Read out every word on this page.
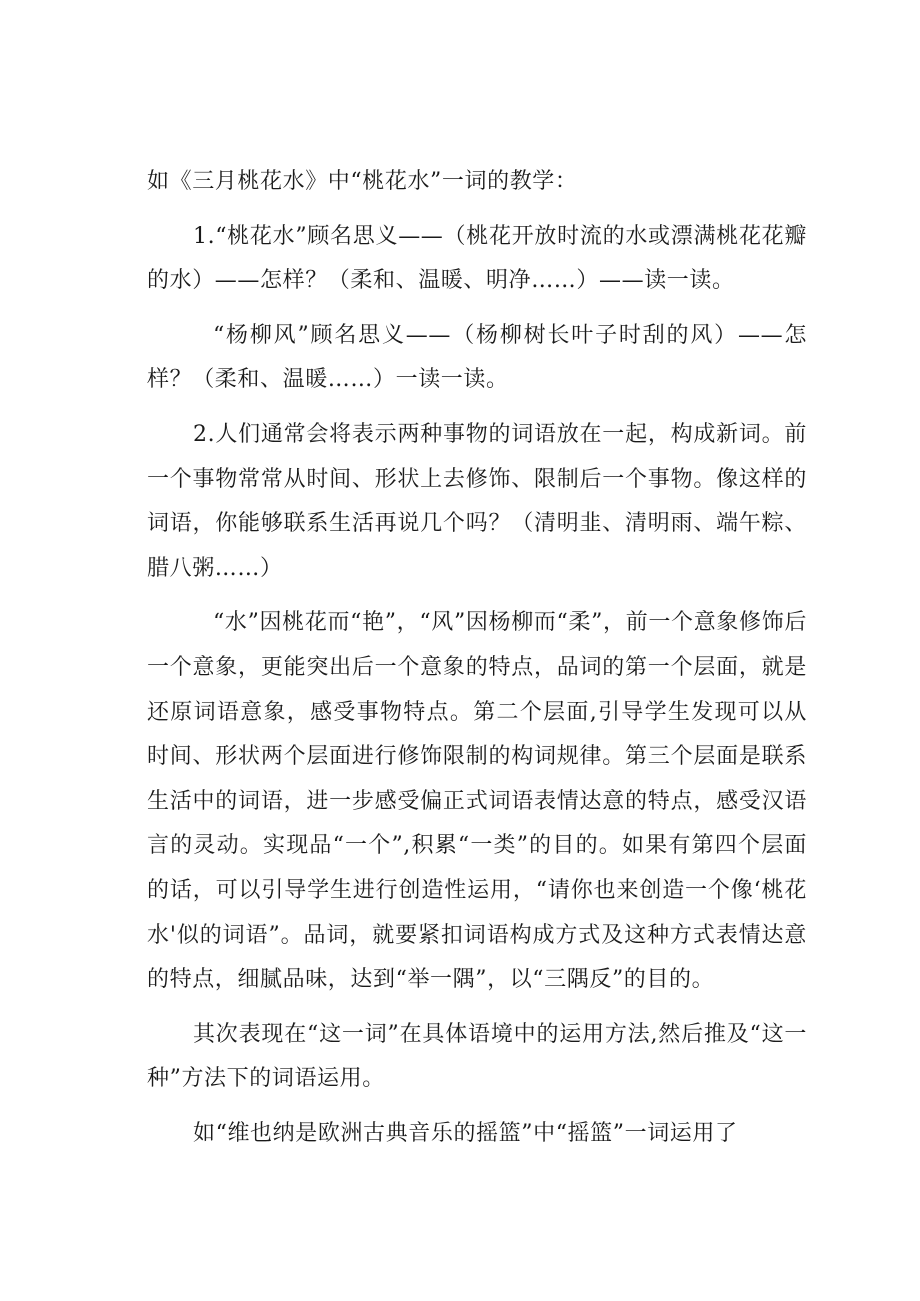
如《三月桃花水》中“桃花水”一词的教学：

1.“桃花水”顾名思义——（桃花开放时流的水或漂满桃花花瓣的水）——怎样？（柔和、温暖、明净……）——读一读。

“杨柳风”顾名思义——（杨柳树长叶子时刮的风）——怎样？（柔和、温暖……）一读一读。

2.人们通常会将表示两种事物的词语放在一起，构成新词。前一个事物常常从时间、形状上去修饰、限制后一个事物。像这样的词语，你能够联系生活再说几个吗？（清明韭、清明雨、端午粽、腊八粥……）

“水”因桃花而“艳”，“风”因杨柳而“柔”，前一个意象修饰后一个意象，更能突出后一个意象的特点，品词的第一个层面，就是还原词语意象，感受事物特点。第二个层面,引导学生发现可以从时间、形状两个层面进行修饰限制的构词规律。第三个层面是联系生活中的词语，进一步感受偏正式词语表情达意的特点，感受汉语言的灵动。实现品“一个”,积累“一类”的目的。如果有第四个层面的话，可以引导学生进行创造性运用，“请你也来创造一个像‘桃花水'似的词语”。品词，就要紧扣词语构成方式及这种方式表情达意的特点，细腻品味，达到“举一隅”，以“三隅反”的目的。

其次表现在“这一词”在具体语境中的运用方法,然后推及“这一种”方法下的词语运用。

如“维也纳是欧洲古典音乐的摇篮”中“摇篮”一词运用了
